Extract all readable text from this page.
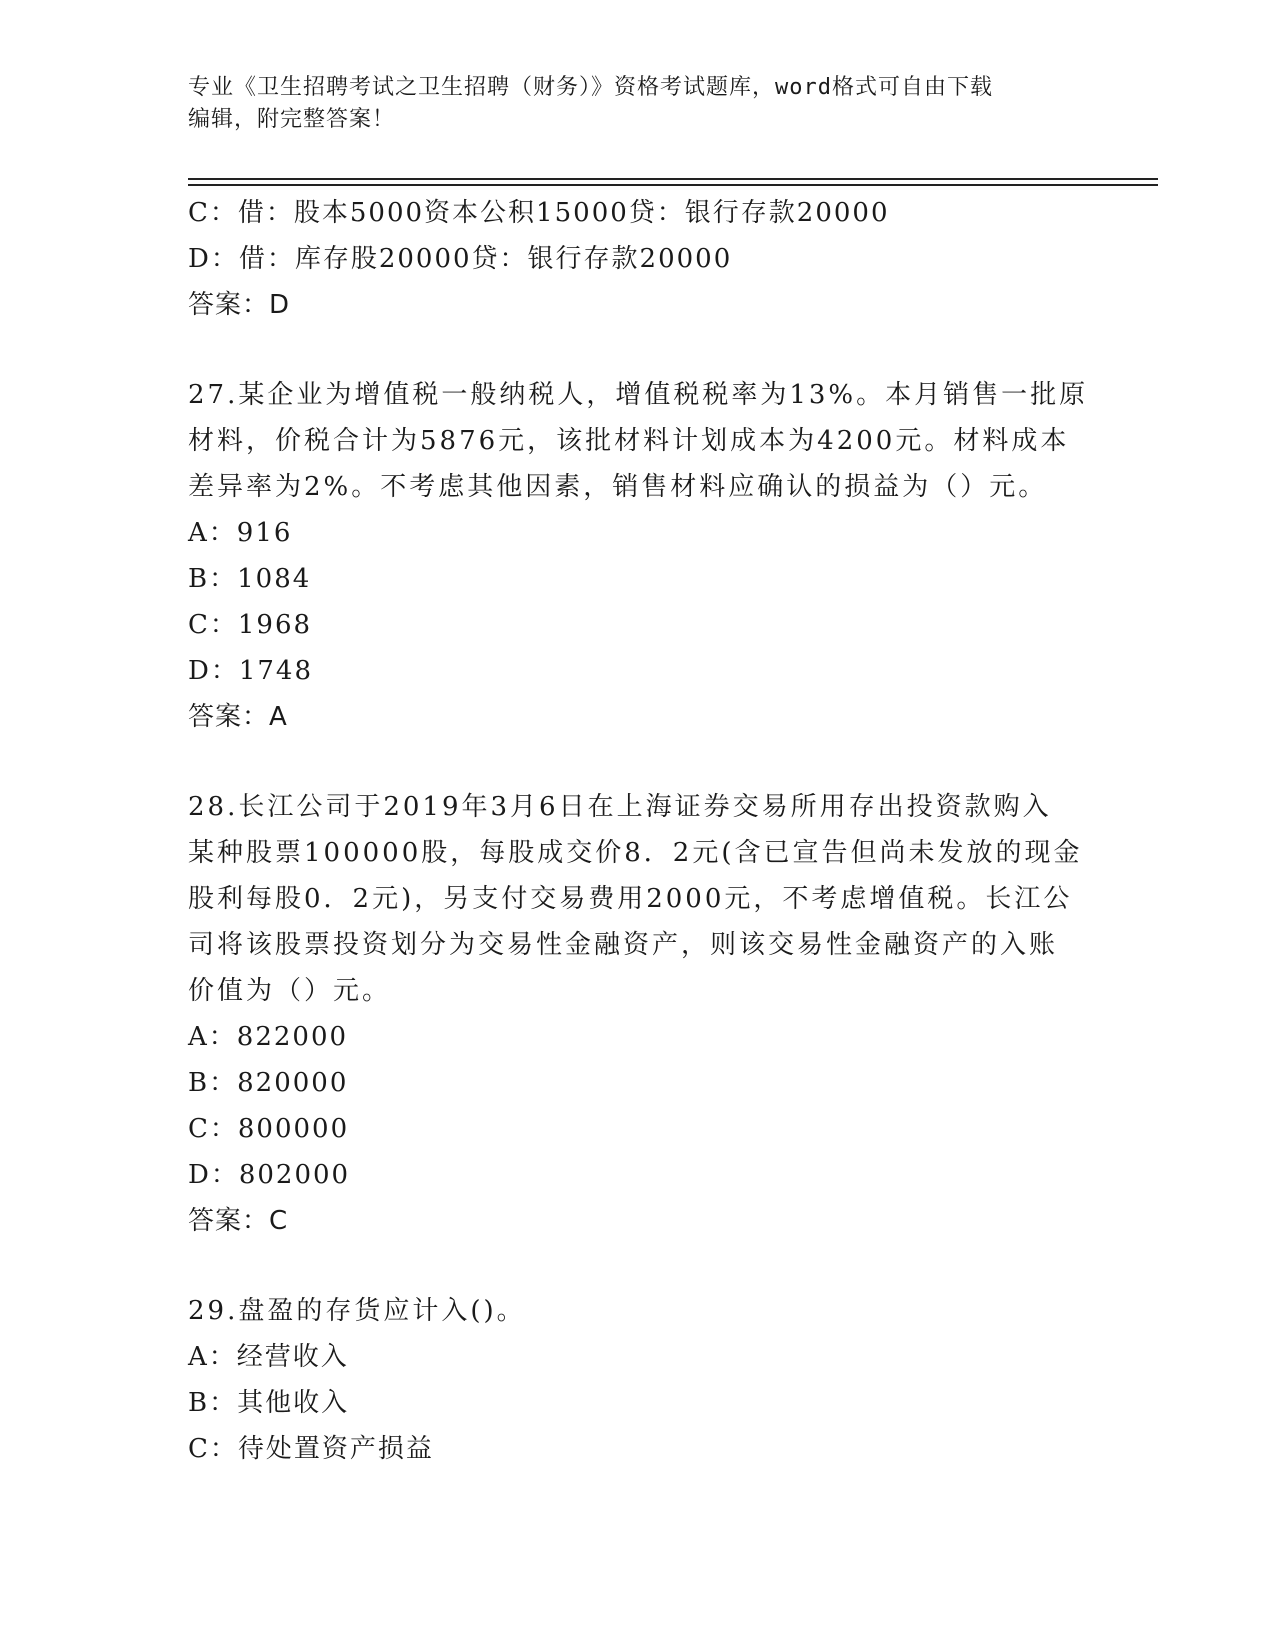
专业《卫生招聘考试之卫生招聘（财务）》资格考试题库，word格式可自由下载
编辑，附完整答案！
C：借：股本5000资本公积15000贷：银行存款20000
D：借：库存股20000贷：银行存款20000
答案：D
27.某企业为增值税一般纳税人，增值税税率为13%。本月销售一批原
材料，价税合计为5876元，该批材料计划成本为4200元。材料成本
差异率为2%。不考虑其他因素，销售材料应确认的损益为（）元。
A：916
B：1084
C：1968
D：1748
答案：A
28.长江公司于2019年3月6日在上海证券交易所用存出投资款购入
某种股票100000股，每股成交价8．2元(含已宣告但尚未发放的现金
股利每股0．2元)，另支付交易费用2000元，不考虑增值税。长江公
司将该股票投资划分为交易性金融资产，则该交易性金融资产的入账
价值为（）元。
A：822000
B：820000
C：800000
D：802000
答案：C
29.盘盈的存货应计入()。
A：经营收入
B：其他收入
C：待处置资产损益
